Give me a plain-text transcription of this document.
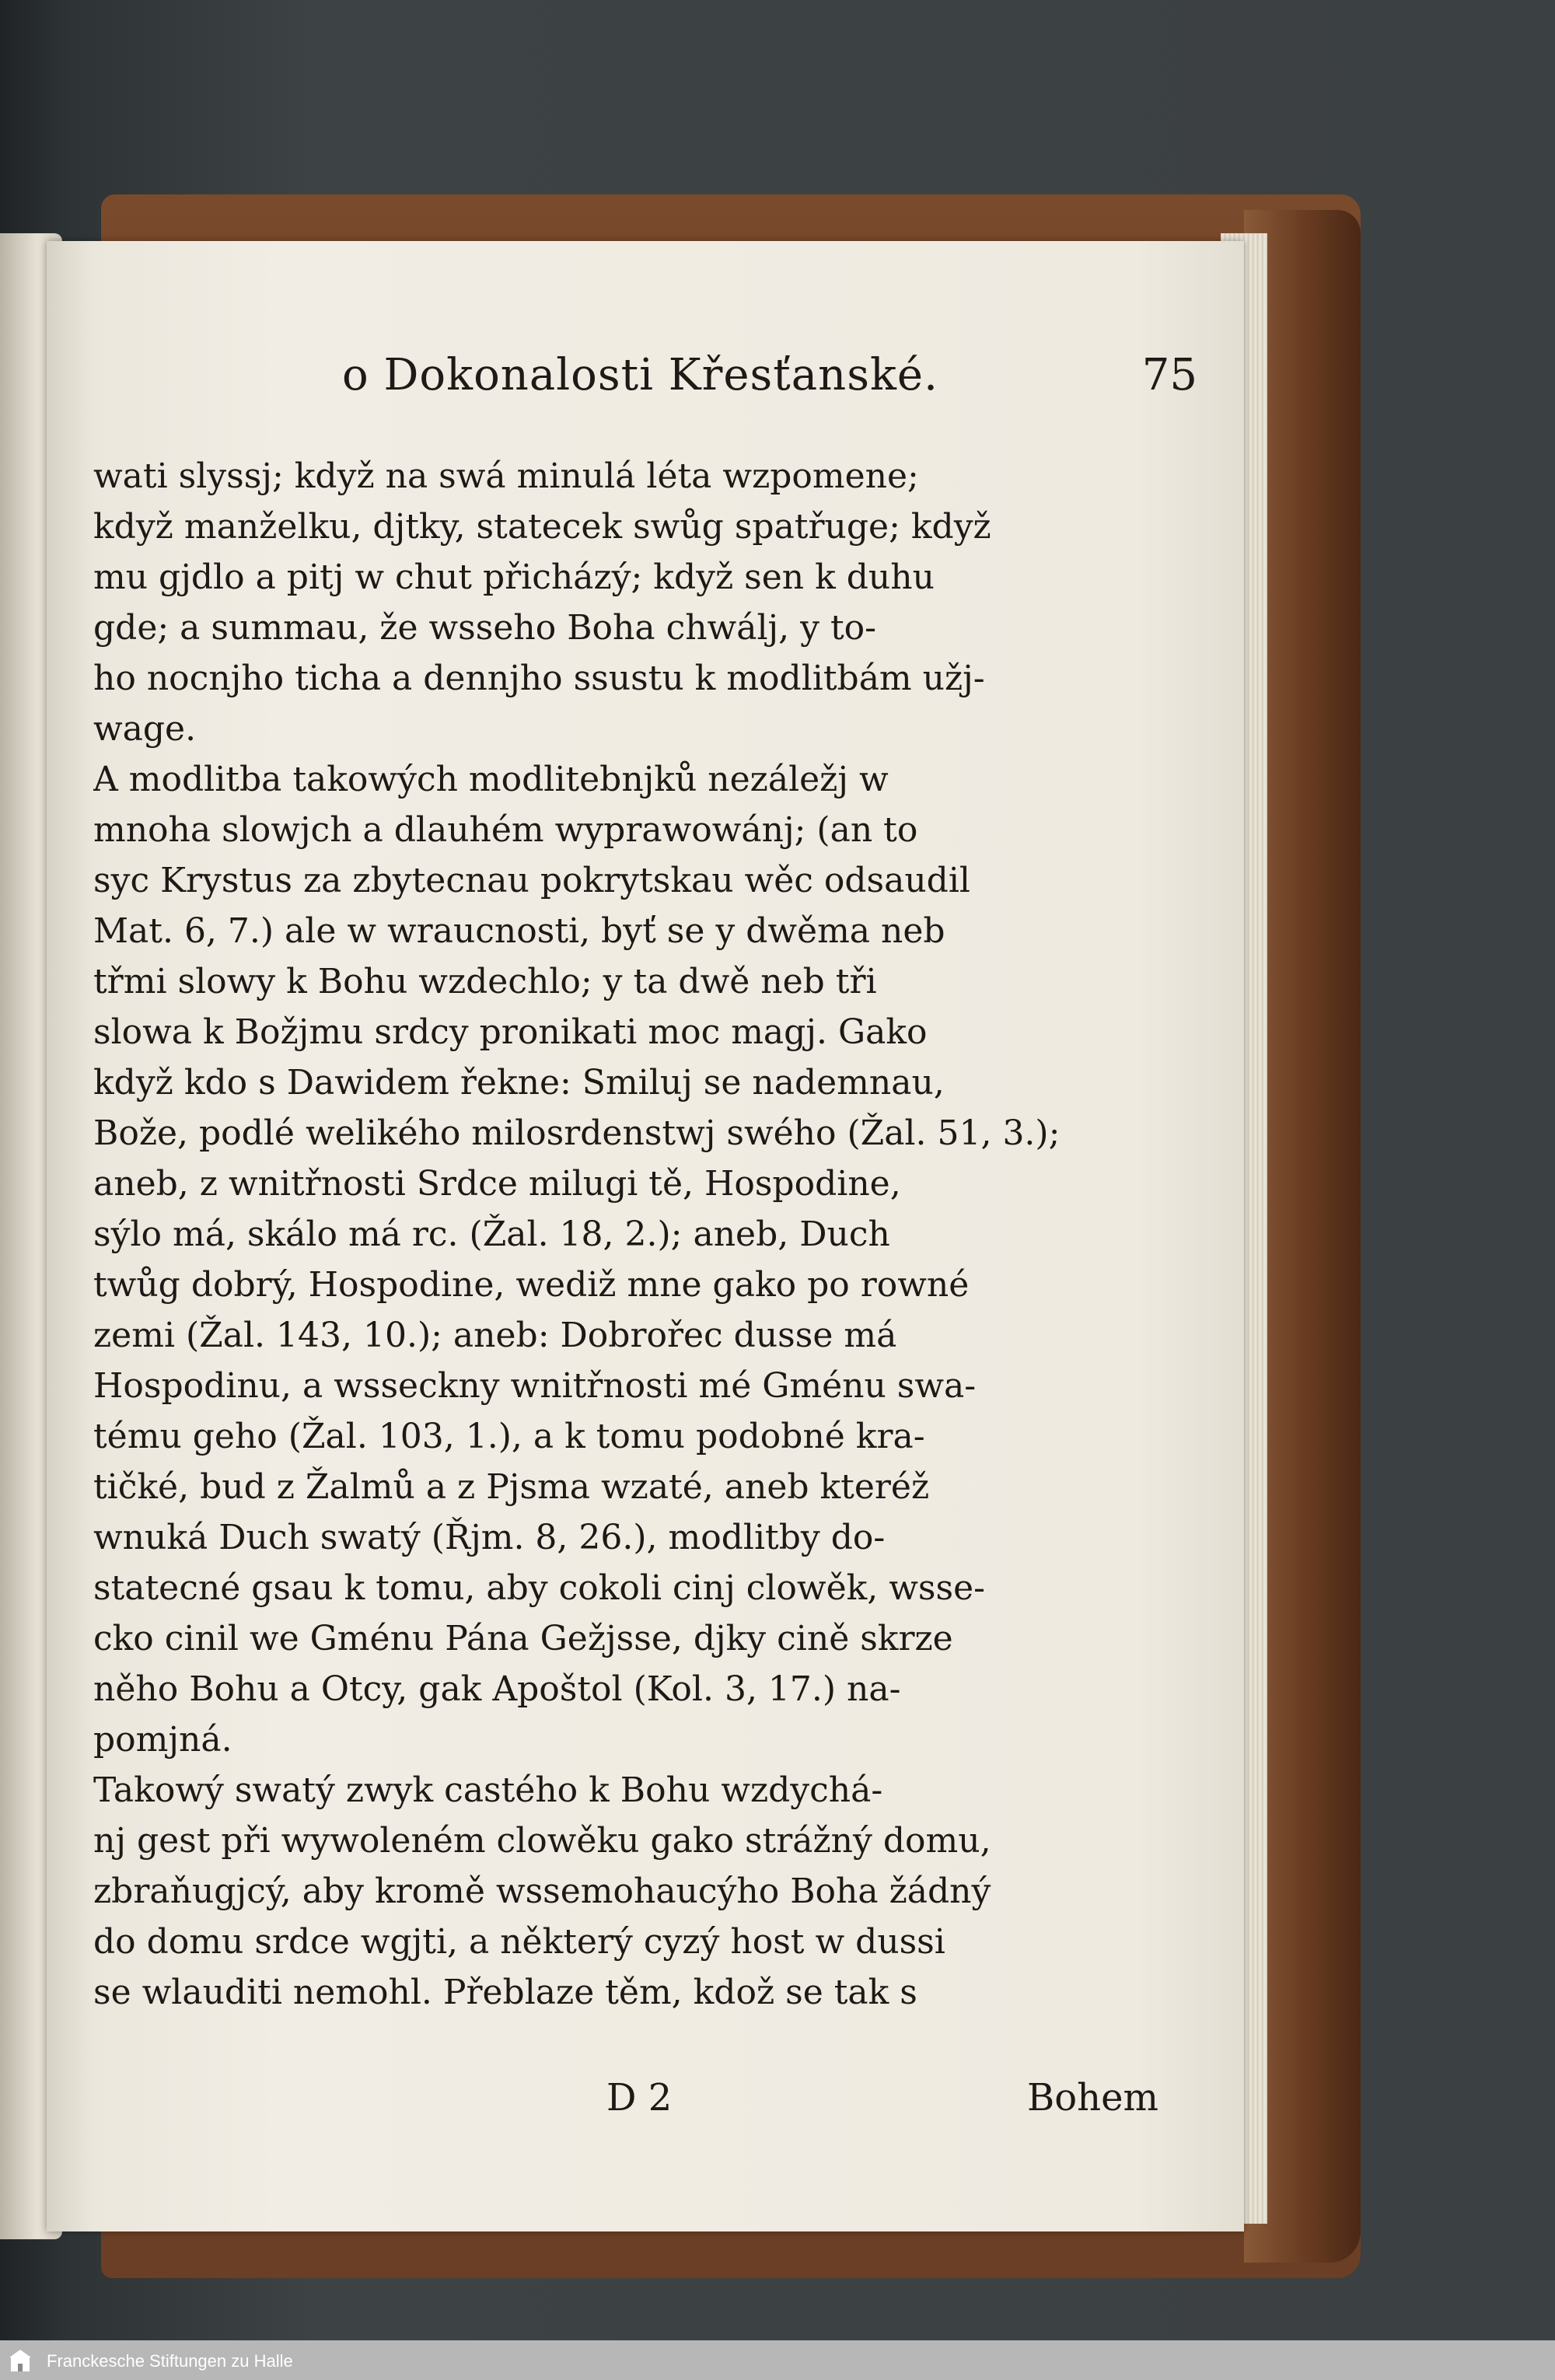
o Dokonalosti Křesťanské.	75
wati slyssj; když na swá minulá léta wzpomene;
když manželku, djtky, statecek swůg spatřuge; když
mu gjdlo a pitj w chut přicházý; když sen k duhu
gde; a summau, že wsseho Boha chwálj, y to-
ho nocnjho ticha a dennjho ssustu k modlitbám užj-
wage.
A modlitba takowých modlitebnjků nezáležj w
mnoha slowjch a dlauhém wyprawowánj; (an to
syc Krystus za zbytecnau pokrytskau wěc odsaudil
Mat. 6, 7.) ale w wraucnosti, byť se y dwěma neb
třmi slowy k Bohu wzdechlo; y ta dwě neb tři
slowa k Božjmu srdcy pronikati moc magj. Gako
když kdo s Dawidem řekne: Smiluj se nademnau,
Bože, podlé welikého milosrdenstwj swého (Žal. 51, 3.);
aneb, z wnitřnosti Srdce milugi tě, Hospodine,
sýlo má, skálo má rc. (Žal. 18, 2.); aneb, Duch
twůg dobrý, Hospodine, wediž mne gako po rowné
zemi (Žal. 143, 10.); aneb: Dobrořec dusse má
Hospodinu, a wsseckny wnitřnosti mé Gménu swa-
tému geho (Žal. 103, 1.), a k tomu podobné kra-
tičké, bud z Žalmů a z Pjsma wzaté, aneb kteréž
wnuká Duch swatý (Řjm. 8, 26.), modlitby do-
statecné gsau k tomu, aby cokoli cinj clowěk, wsse-
cko cinil we Gménu Pána Gežjsse, djky cině skrze
něho Bohu a Otcy, gak Apoštol (Kol. 3, 17.) na-
pomjná.
Takowý swatý zwyk castého k Bohu wzdychá-
nj gest při wywoleném clowěku gako strážný domu,
zbraňugjcý, aby kromě wssemohaucýho Boha žádný
do domu srdce wgjti, a některý cyzý host w dussi
se wlauditi nemohl. Přeblaze těm, kdož se tak s
D 2	Bohem
Franckesche Stiftungen zu Halle
